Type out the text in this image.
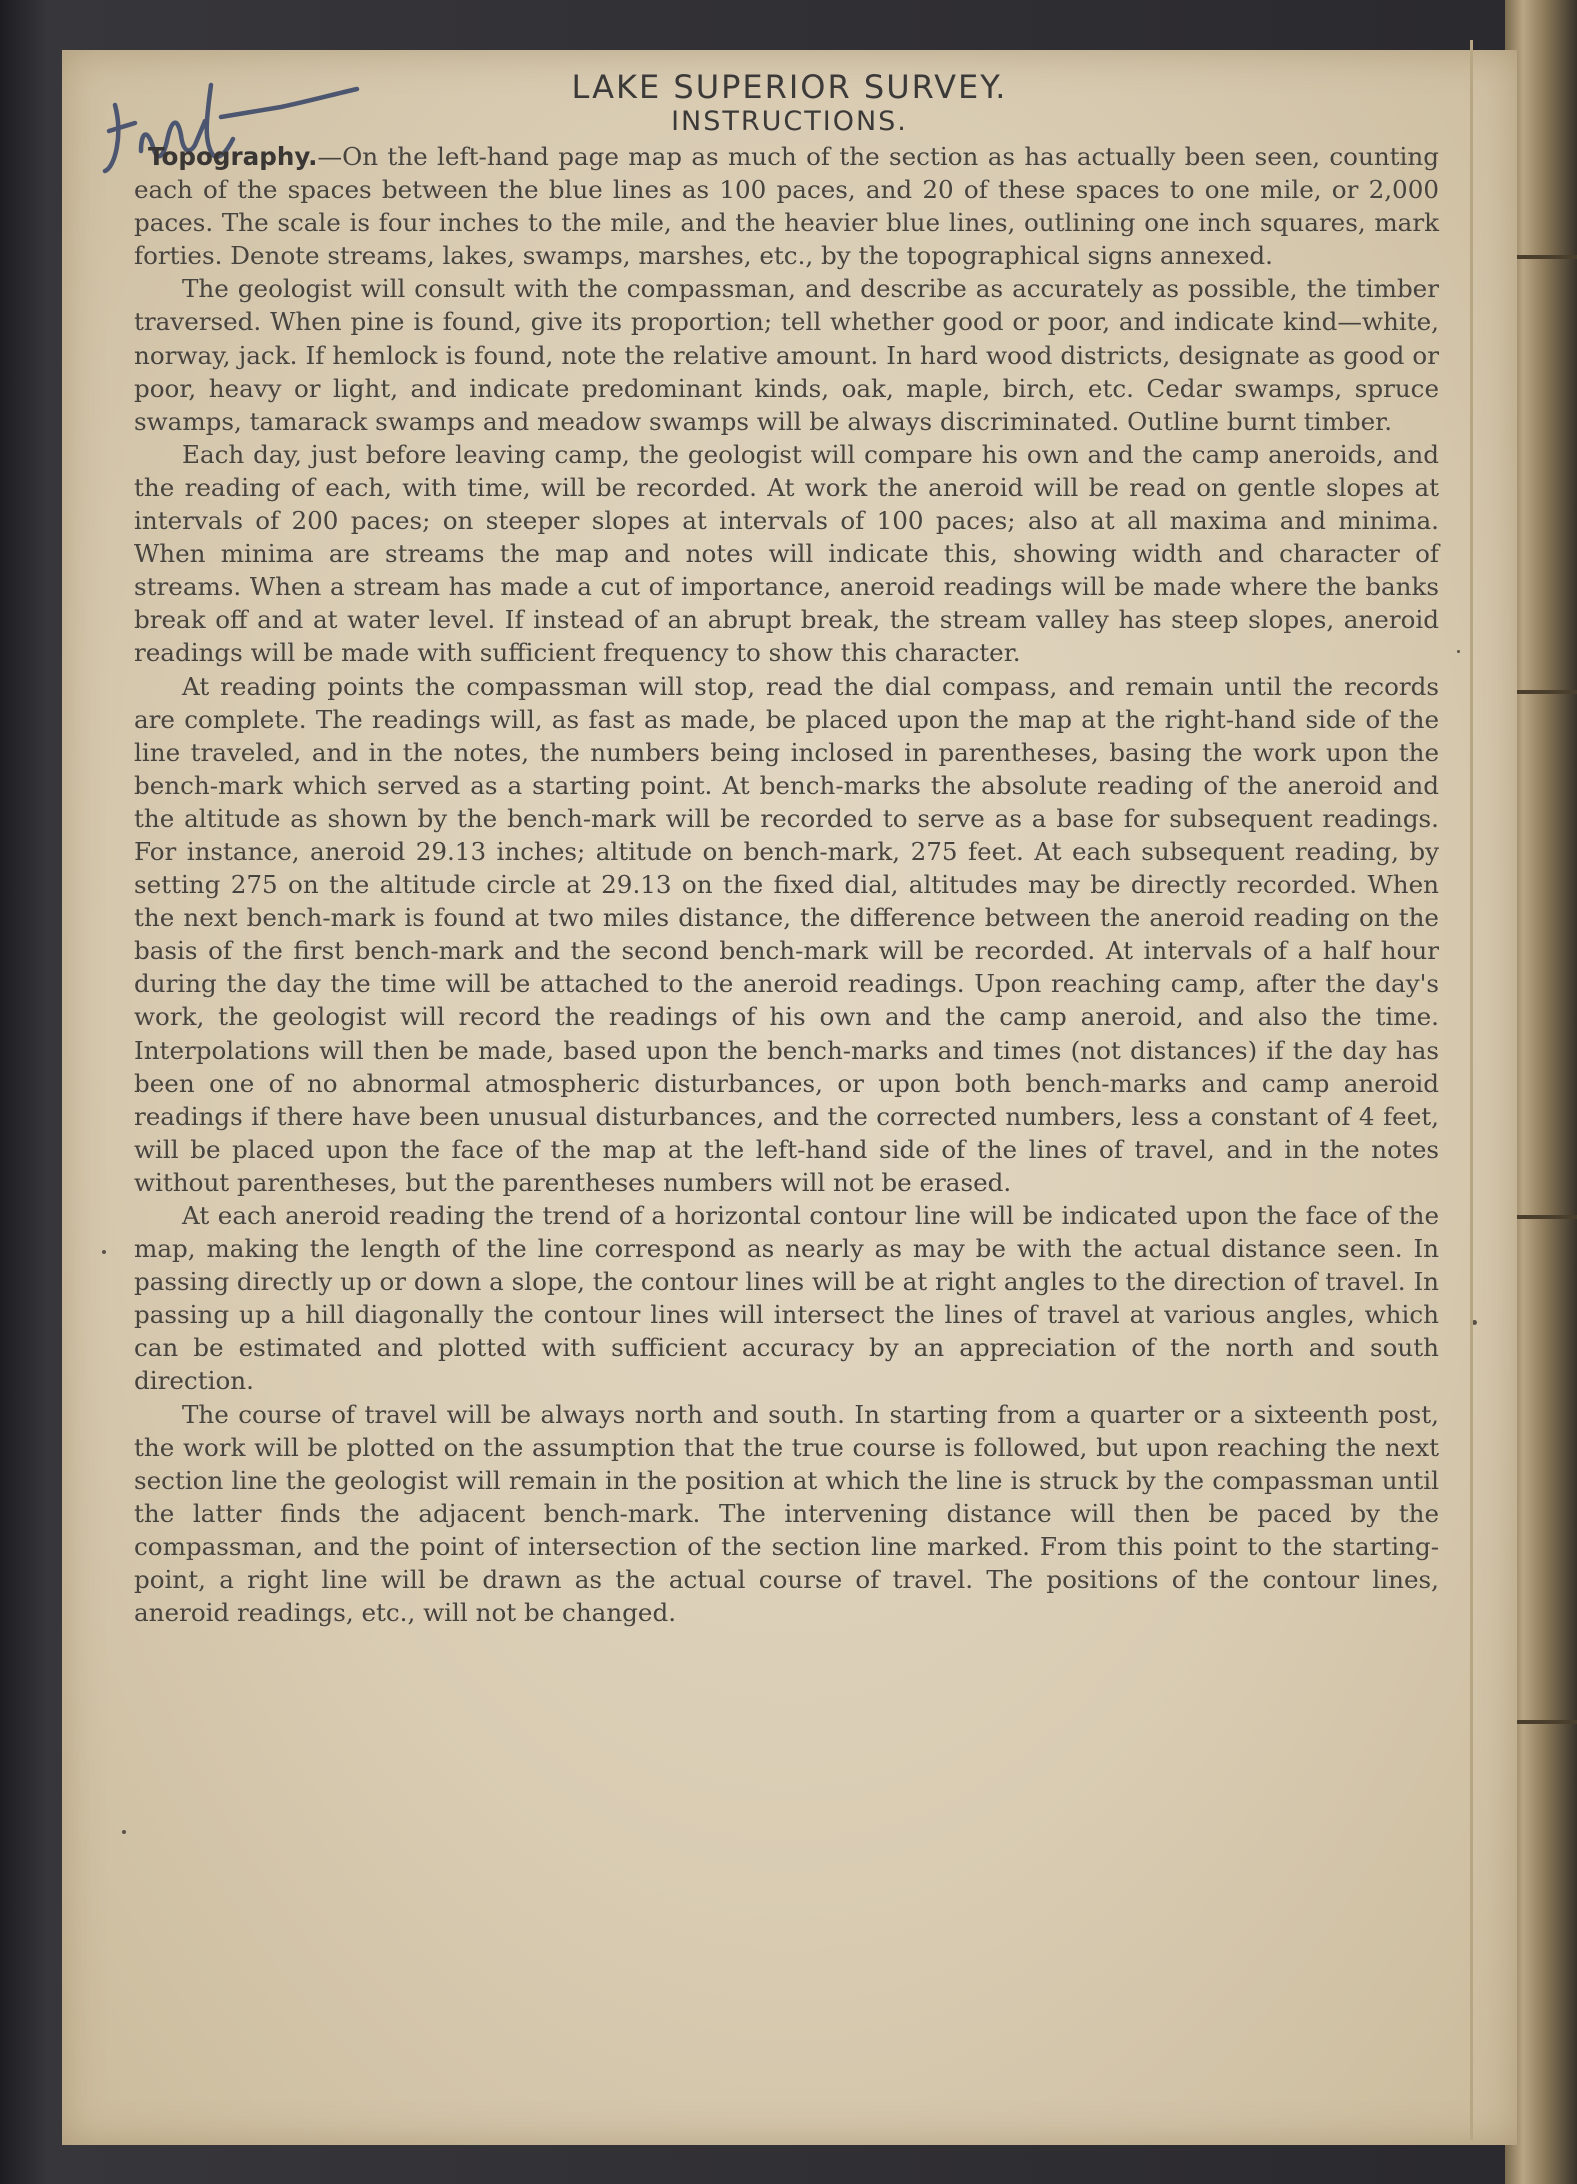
LAKE SUPERIOR SURVEY.
INSTRUCTIONS.

Topography.—On the left-hand page map as much of the section as has actually been seen, counting each of the spaces between the blue lines as 100 paces, and 20 of these spaces to one mile, or 2,000 paces. The scale is four inches to the mile, and the heavier blue lines, outlining one inch squares, mark forties. Denote streams, lakes, swamps, marshes, etc., by the topographical signs annexed.

The geologist will consult with the compassman, and describe as accurately as possible, the timber traversed. When pine is found, give its proportion; tell whether good or poor, and indicate kind—white, norway, jack. If hemlock is found, note the relative amount. In hard wood districts, designate as good or poor, heavy or light, and indicate predominant kinds, oak, maple, birch, etc. Cedar swamps, spruce swamps, tamarack swamps and meadow swamps will be always discriminated. Outline burnt timber.

Each day, just before leaving camp, the geologist will compare his own and the camp aneroids, and the reading of each, with time, will be recorded. At work the aneroid will be read on gentle slopes at intervals of 200 paces; on steeper slopes at intervals of 100 paces; also at all maxima and minima. When minima are streams the map and notes will indicate this, showing width and character of streams. When a stream has made a cut of importance, aneroid readings will be made where the banks break off and at water level. If instead of an abrupt break, the stream valley has steep slopes, aneroid readings will be made with sufficient frequency to show this character.

At reading points the compassman will stop, read the dial compass, and remain until the records are complete. The readings will, as fast as made, be placed upon the map at the right-hand side of the line traveled, and in the notes, the numbers being inclosed in parentheses, basing the work upon the bench-mark which served as a starting point. At bench-marks the absolute reading of the aneroid and the altitude as shown by the bench-mark will be recorded to serve as a base for subsequent readings. For instance, aneroid 29.13 inches; altitude on bench-mark, 275 feet. At each subsequent reading, by setting 275 on the altitude circle at 29.13 on the fixed dial, altitudes may be directly recorded. When the next bench-mark is found at two miles distance, the difference between the aneroid reading on the basis of the first bench-mark and the second bench-mark will be recorded. At intervals of a half hour during the day the time will be attached to the aneroid readings. Upon reaching camp, after the day's work, the geologist will record the readings of his own and the camp aneroid, and also the time. Interpolations will then be made, based upon the bench-marks and times (not distances) if the day has been one of no abnormal atmospheric disturbances, or upon both bench-marks and camp aneroid readings if there have been unusual disturbances, and the corrected numbers, less a constant of 4 feet, will be placed upon the face of the map at the left-hand side of the lines of travel, and in the notes without parentheses, but the parentheses numbers will not be erased.

At each aneroid reading the trend of a horizontal contour line will be indicated upon the face of the map, making the length of the line correspond as nearly as may be with the actual distance seen. In passing directly up or down a slope, the contour lines will be at right angles to the direction of travel. In passing up a hill diagonally the contour lines will intersect the lines of travel at various angles, which can be estimated and plotted with sufficient accuracy by an appreciation of the north and south direction.

The course of travel will be always north and south. In starting from a quarter or a sixteenth post, the work will be plotted on the assumption that the true course is followed, but upon reaching the next section line the geologist will remain in the position at which the line is struck by the compassman until the latter finds the adjacent bench-mark. The intervening distance will then be paced by the compassman, and the point of intersection of the section line marked. From this point to the starting-point, a right line will be drawn as the actual course of travel. The positions of the contour lines, aneroid readings, etc., will not be changed.
